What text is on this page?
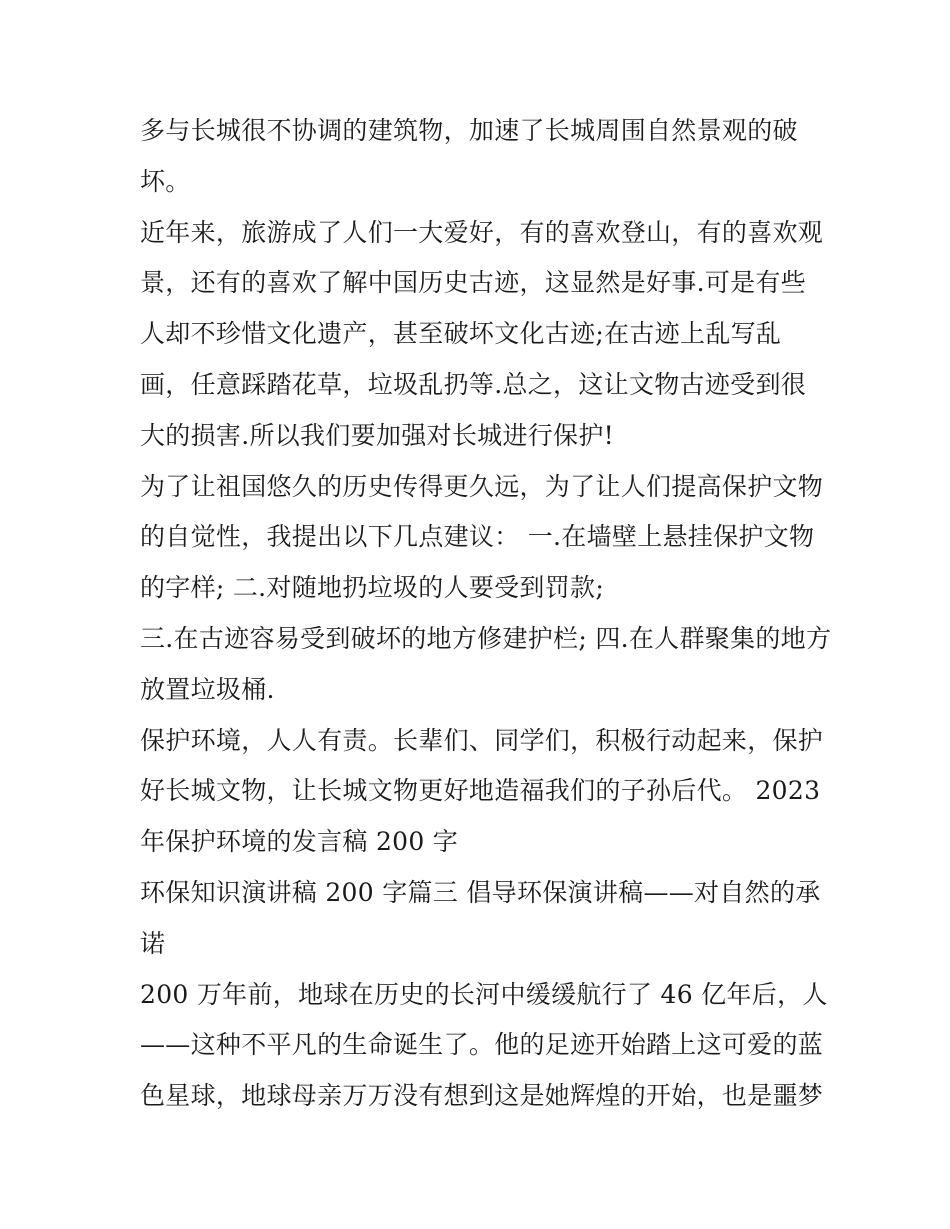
多与长城很不协调的建筑物，加速了长城周围自然景观的破
坏。
近年来，旅游成了人们一大爱好，有的喜欢登山，有的喜欢观
景，还有的喜欢了解中国历史古迹，这显然是好事.可是有些
人却不珍惜文化遗产，甚至破坏文化古迹;在古迹上乱写乱
画，任意踩踏花草，垃圾乱扔等.总之，这让文物古迹受到很
大的损害.所以我们要加强对长城进行保护!
为了让祖国悠久的历史传得更久远，为了让人们提高保护文物
的自觉性，我提出以下几点建议： 一.在墙壁上悬挂保护文物
的字样; 二.对随地扔垃圾的人要受到罚款;
三.在古迹容易受到破坏的地方修建护栏; 四.在人群聚集的地方
放置垃圾桶.
保护环境，人人有责。长辈们、同学们，积极行动起来，保护
好长城文物，让长城文物更好地造福我们的子孙后代。 2023
年保护环境的发言稿 200 字
环保知识演讲稿 200 字篇三 倡导环保演讲稿——对自然的承
诺
200 万年前，地球在历史的长河中缓缓航行了 46 亿年后，人
——这种不平凡的生命诞生了。他的足迹开始踏上这可爱的蓝
色星球，地球母亲万万没有想到这是她辉煌的开始，也是噩梦
